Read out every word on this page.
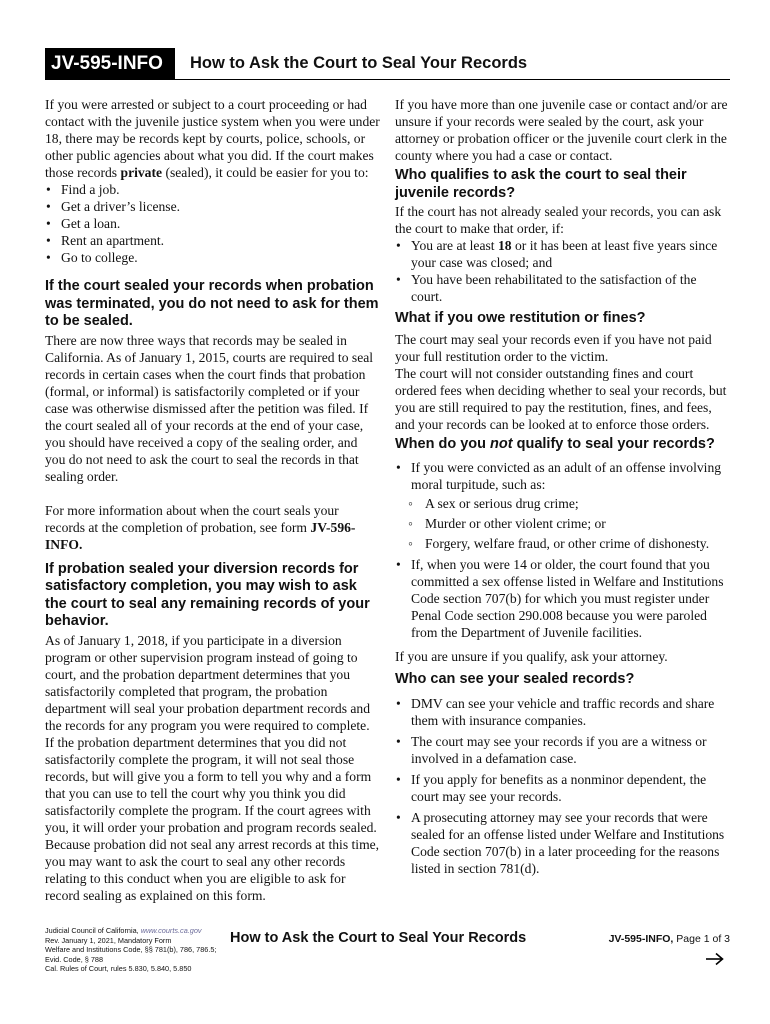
JV-595-INFO	How to Ask the Court to Seal Your Records

If you were arrested or subject to a court proceeding or had contact with the juvenile justice system when you were under 18, there may be records kept by courts, police, schools, or other public agencies about what you did. If the court makes those records private (sealed), it could be easier for you to:

• Find a job.
• Get a driver’s license.
• Get a loan.
• Rent an apartment.
• Go to college.
If the court sealed your records when probation was terminated, you do not need to ask for them to be sealed.

There are now three ways that records may be sealed in California. As of January 1, 2015, courts are required to seal records in certain cases when the court finds that probation (formal, or informal) is satisfactorily completed or if your case was otherwise dismissed after the petition was filed. If the court sealed all of your records at the end of your case, you should have received a copy of the sealing order, and you do not need to ask the court to seal the records in that sealing order.

For more information about when the court seals your records at the completion of probation, see form JV-596-INFO.

If probation sealed your diversion records for satisfactory completion, you may wish to ask the court to seal any remaining records of your behavior.

As of January 1, 2018, if you participate in a diversion program or other supervision program instead of going to court, and the probation department determines that you satisfactorily completed that program, the probation department will seal your probation department records and the records for any program you were required to complete. If the probation department determines that you did not satisfactorily complete the program, it will not seal those records, but will give you a form to tell you why and a form that you can use to tell the court why you think you did satisfactorily complete the program. If the court agrees with you, it will order your probation and program records sealed. Because probation did not seal any arrest records at this time, you may want to ask the court to seal any other records relating to this conduct when you are eligible to ask for record sealing as explained on this form.

If you have more than one juvenile case or contact and/or are unsure if your records were sealed by the court, ask your attorney or probation officer or the juvenile court clerk in the county where you had a case or contact.

Who qualifies to ask the court to seal their juvenile records?

If the court has not already sealed your records, you can ask the court to make that order, if:

• You are at least 18 or it has been at least five years since your case was closed; and
• You have been rehabilitated to the satisfaction of the court.
What if you owe restitution or fines?

The court may seal your records even if you have not paid your full restitution order to the victim.

The court will not consider outstanding fines and court ordered fees when deciding whether to seal your records, but you are still required to pay the restitution, fines, and fees, and your records can be looked at to enforce those orders.

When do you not qualify to seal your records?
• If you were convicted as an adult of an offense involving moral turpitude, such as:
◦ A sex or serious drug crime;
◦ Murder or other violent crime; or
◦ Forgery, welfare fraud, or other crime of dishonesty.
• If, when you were 14 or older, the court found that you committed a sex offense listed in Welfare and Institutions Code section 707(b) for which you must register under Penal Code section 290.008 because you were paroled from the Department of Juvenile facilities.

If you are unsure if you qualify, ask your attorney.

Who can see your sealed records?
• DMV can see your vehicle and traffic records and share them with insurance companies.
• The court may see your records if you are a witness or involved in a defamation case.
• If you apply for benefits as a nonminor dependent, the court may see your records.
• A prosecuting attorney may see your records that were sealed for an offense listed under Welfare and Institutions Code section 707(b) in a later proceeding for the reasons listed in section 781(d).
Judicial Council of California, www.courts.ca.gov
Rev. January 1, 2021, Mandatory Form
Welfare and Institutions Code, §§ 781(b), 786, 786.5;
Evid. Code, § 788
Cal. Rules of Court, rules 5.830, 5.840, 5.850
How to Ask the Court to Seal Your Records	JV-595-INFO, Page 1 of 3
